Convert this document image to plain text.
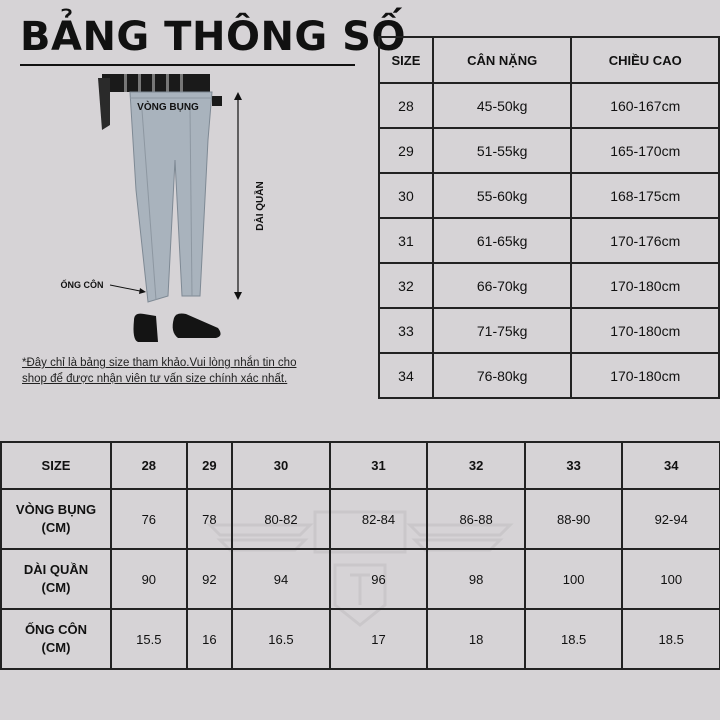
BẢNG THÔNG SỐ
VÒNG BỤNG
DÀI QUẦN
ỐNG CÔN

*Đây chỉ là bảng size tham khảo.Vui lòng nhắn tin cho
shop để được nhận viên tư vấn size chính xác nhất.

SIZE	CÂN NẶNG	CHIỀU CAO
28	45-50kg	160-167cm
29	51-55kg	165-170cm
30	55-60kg	168-175cm
31	61-65kg	170-176cm
32	66-70kg	170-180cm
33	71-75kg	170-180cm
34	76-80kg	170-180cm
SIZE	28	29	30	31	32	33	34
VÒNG BỤNG
(CM)	76	78	80-82	82-84	86-88	88-90	92-94
DÀI QUẦN
(CM)	90	92	94	96	98	100	100
ỐNG CÔN
(CM)	15.5	16	16.5	17	18	18.5	18.5
